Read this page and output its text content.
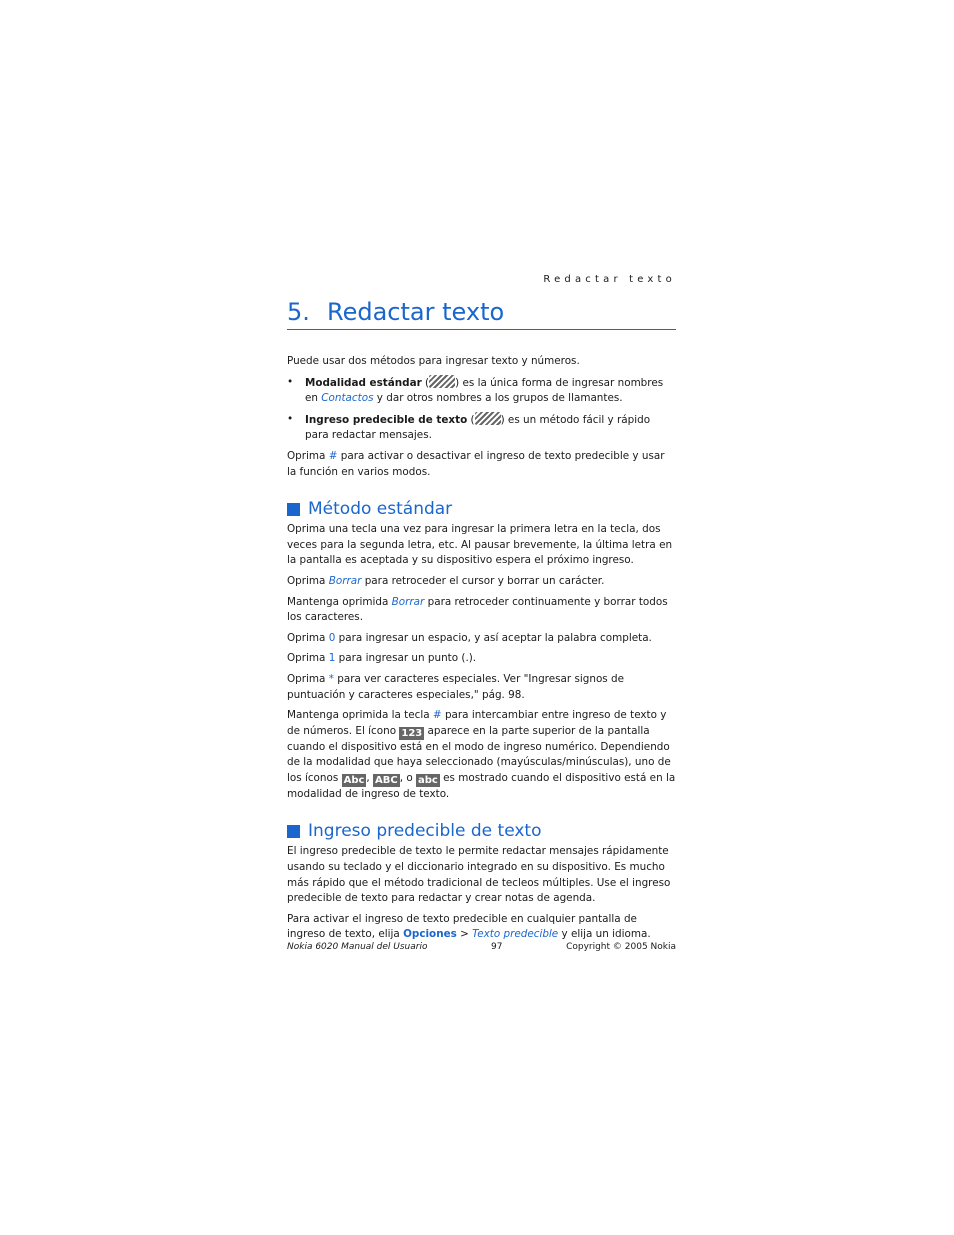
Redactar texto
5. Redactar texto

Puede usar dos métodos para ingresar texto y números.

•	Modalidad estándar (	) es la única forma de ingresar nombres en Contactos y dar otros nombres a los grupos de llamantes.
•	Ingreso predecible de texto (	) es un método fácil y rápido para redactar mensajes.

Oprima # para activar o desactivar el ingreso de texto predecible y usar la función en varios modos.

Método estándar

Oprima una tecla una vez para ingresar la primera letra en la tecla, dos veces para la segunda letra, etc. Al pausar brevemente, la última letra en la pantalla es aceptada y su dispositivo espera el próximo ingreso.

Oprima Borrar para retroceder el cursor y borrar un carácter.

Mantenga oprimida Borrar para retroceder continuamente y borrar todos los caracteres.

Oprima 0 para ingresar un espacio, y así aceptar la palabra completa.

Oprima 1 para ingresar un punto (.).

Oprima * para ver caracteres especiales. Ver "Ingresar signos de puntuación y caracteres especiales," pág. 98.

Mantenga oprimida la tecla # para intercambiar entre ingreso de texto y de números. El ícono 123 aparece en la parte superior de la pantalla cuando el dispositivo está en el modo de ingreso numérico. Dependiendo de la modalidad que haya seleccionado (mayúsculas/minúsculas), uno de los íconos Abc , ABC , o abc es mostrado cuando el dispositivo está en la modalidad de ingreso de texto.

Ingreso predecible de texto

El ingreso predecible de texto le permite redactar mensajes rápidamente usando su teclado y el diccionario integrado en su dispositivo. Es mucho más rápido que el método tradicional de tecleos múltiples. Use el ingreso predecible de texto para redactar y crear notas de agenda.

Para activar el ingreso de texto predecible en cualquier pantalla de ingreso de texto, elija Opciones > Texto predecible y elija un idioma.

Nokia 6020 Manual del Usuario	97	Copyright © 2005 Nokia
